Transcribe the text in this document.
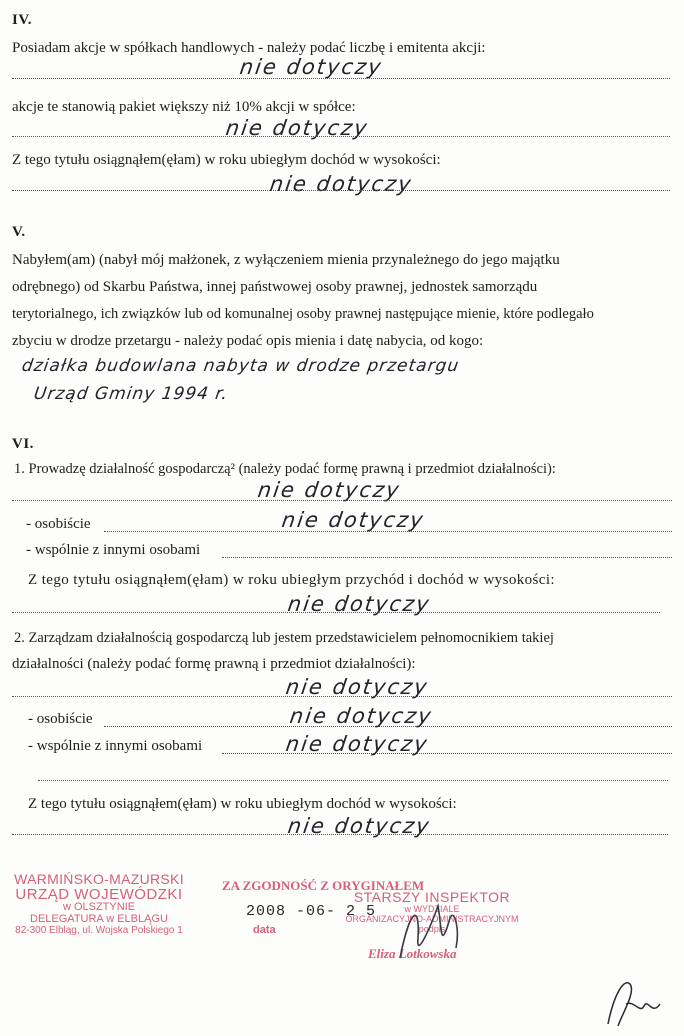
IV.
Posiadam akcje w spółkach handlowych - należy podać liczbę i emitenta akcji:
nie dotyczy
akcje te stanowią pakiet większy niż 10% akcji w spółce:
nie dotyczy
Z tego tytułu osiągnąłem(ęłam) w roku ubiegłym dochód w wysokości:
nie dotyczy
V.
Nabyłem(am) (nabył mój małżonek, z wyłączeniem mienia przynależnego do jego majątku
odrębnego) od Skarbu Państwa, innej państwowej osoby prawnej, jednostek samorządu
terytorialnego, ich związków lub od komunalnej osoby prawnej następujące mienie, które podlegało
zbyciu w drodze przetargu - należy podać opis mienia i datę nabycia, od kogo:
działka budowlana nabyta w drodze przetargu
Urząd Gminy 1994 r.
VI.
1. Prowadzę działalność gospodarczą² (należy podać formę prawną i przedmiot działalności):
nie dotyczy
- osobiście	nie dotyczy
- wspólnie z innymi osobami
Z tego tytułu osiągnąłem(ęłam) w roku ubiegłym przychód i dochód w wysokości:
nie dotyczy
2. Zarządzam działalnością gospodarczą lub jestem przedstawicielem pełnomocnikiem takiej
działalności (należy podać formę prawną i przedmiot działalności):
nie dotyczy
- osobiście	nie dotyczy
- wspólnie z innymi osobami	nie dotyczy
Z tego tytułu osiągnąłem(ęłam) w roku ubiegłym dochód w wysokości:
nie dotyczy
WARMIŃSKO-MAZURSKI
URZĄD WOJEWÓDZKI
w OLSZTYNIE
DELEGATURA w ELBLĄGU
82-300 Elbląg, ul. Wojska Polskiego 1
ZA ZGODNOŚĆ Z ORYGINAŁEM
2008 -06- 2 5
data
STARSZY INSPEKTOR
w WYDZIALE
ORGANIZACYJNO-ADMINISTRACYJNYM
podpis
Eliza Lotkowska
